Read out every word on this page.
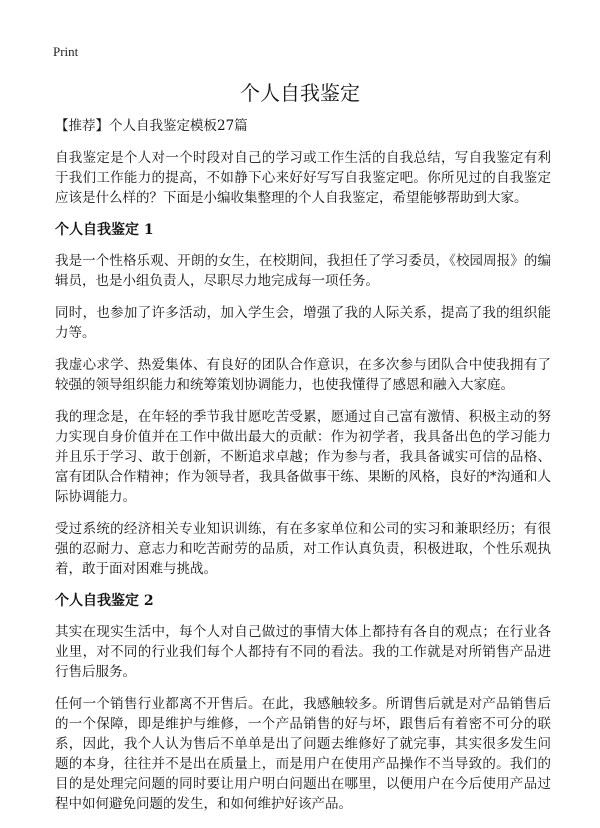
Print
个人自我鉴定

【推荐】个人自我鉴定模板27篇

自我鉴定是个人对一个时段对自己的学习或工作生活的自我总结，写自我鉴定有利于我们工作能力的提高，不如静下心来好好写写自我鉴定吧。你所见过的自我鉴定应该是什么样的？下面是小编收集整理的个人自我鉴定，希望能够帮助到大家。

个人自我鉴定 1

我是一个性格乐观、开朗的女生，在校期间，我担任了学习委员，《校园周报》的编辑员，也是小组负责人，尽职尽力地完成每一项任务。

同时，也参加了许多活动，加入学生会，增强了我的人际关系，提高了我的组织能力等。

我虚心求学、热爱集体、有良好的团队合作意识，在多次参与团队合中使我拥有了较强的领导组织能力和统筹策划协调能力，也使我懂得了感恩和融入大家庭。

我的理念是，在年轻的季节我甘愿吃苦受累，愿通过自己富有激情、积极主动的努力实现自身价值并在工作中做出最大的贡献：作为初学者，我具备出色的学习能力并且乐于学习、敢于创新，不断追求卓越；作为参与者，我具备诚实可信的品格、富有团队合作精神；作为领导者，我具备做事干练、果断的风格，良好的*沟通和人际协调能力。

受过系统的经济相关专业知识训练，有在多家单位和公司的实习和兼职经历；有很强的忍耐力、意志力和吃苦耐劳的品质，对工作认真负责，积极进取，个性乐观执着，敢于面对困难与挑战。

个人自我鉴定 2

其实在现实生活中，每个人对自己做过的事情大体上都持有各自的观点；在行业各业里，对不同的行业我们每个人都持有不同的看法。我的工作就是对所销售产品进行售后服务。

任何一个销售行业都离不开售后。在此，我感触较多。所谓售后就是对产品销售后的一个保障，即是维护与维修，一个产品销售的好与坏，跟售后有着密不可分的联系，因此，我个人认为售后不单单是出了问题去维修好了就完事，其实很多发生问题的本身，往往并不是出在质量上，而是用户在使用产品操作不当导致的。我们的目的是处理完问题的同时要让用户明白问题出在哪里，以便用户在今后使用产品过程中如何避免问题的发生，和如何维护好该产品。
